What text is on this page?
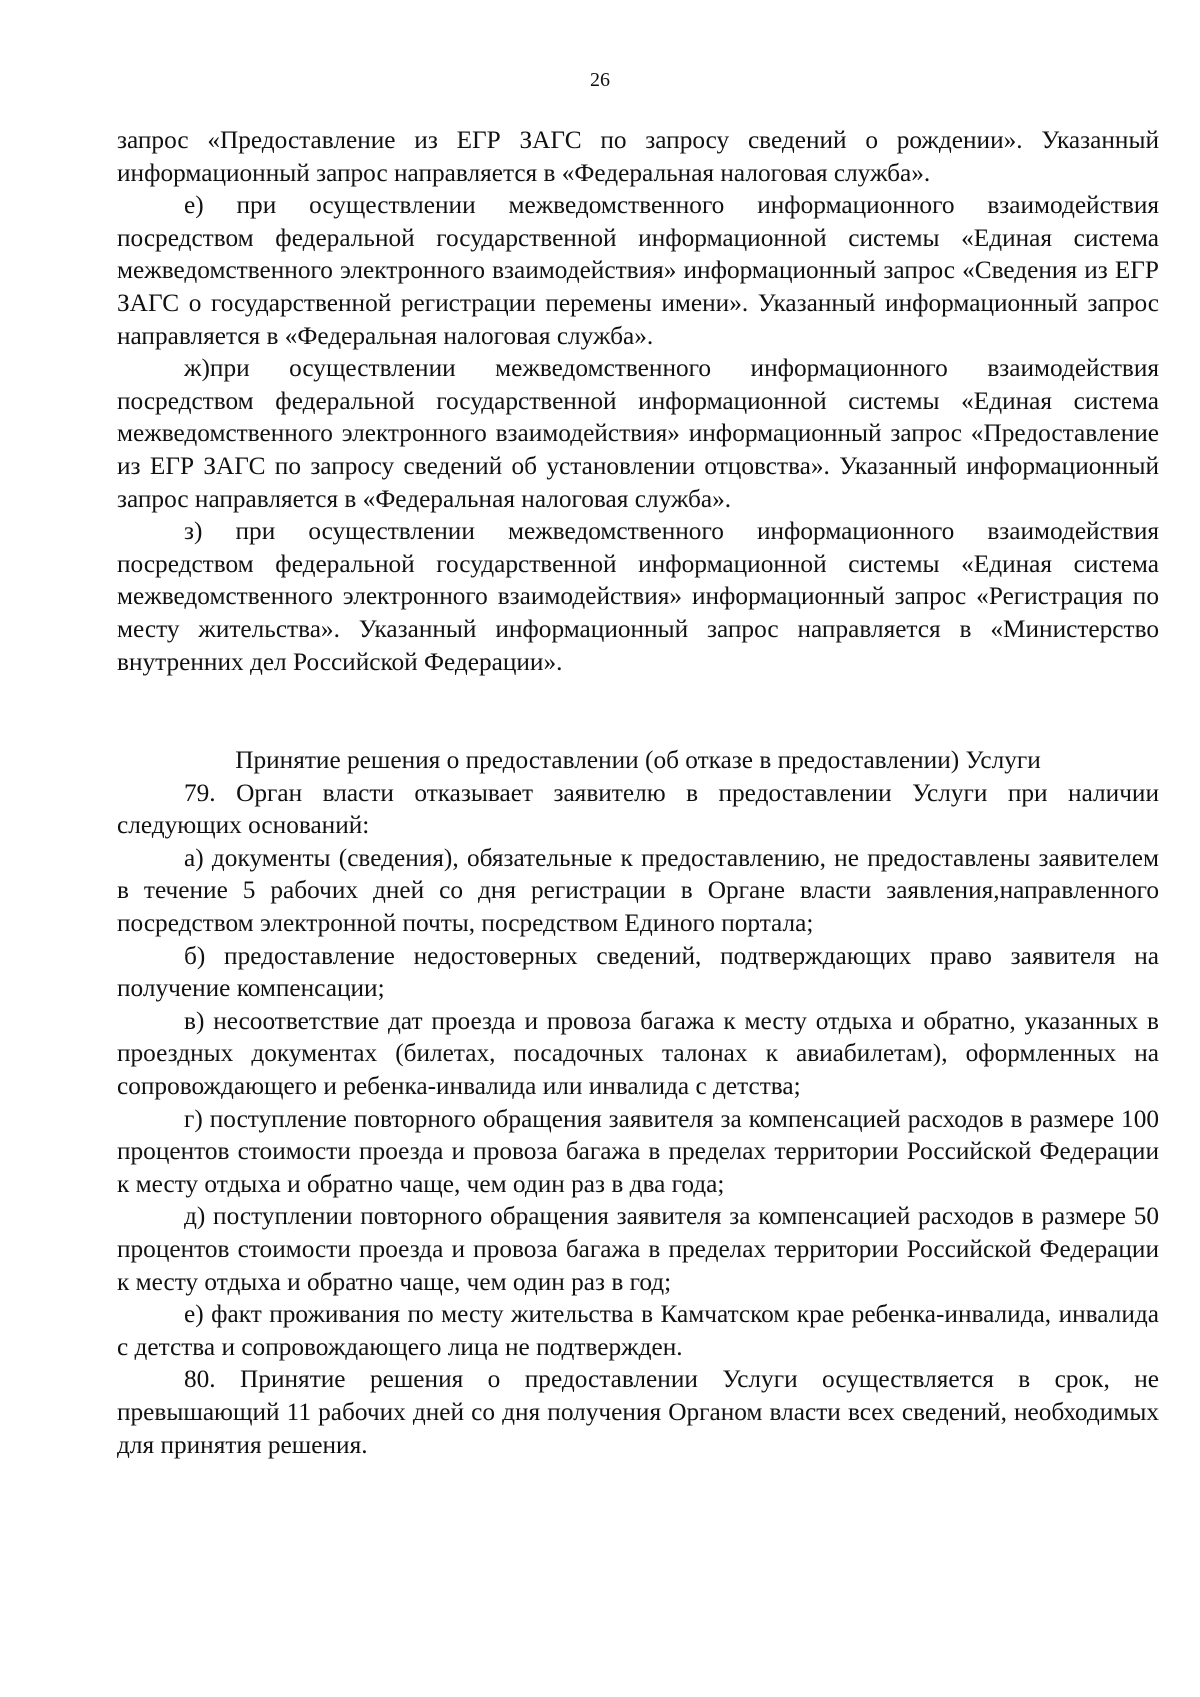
26

запрос «Предоставление из ЕГР ЗАГС по запросу сведений о рождении». Указанный информационный запрос направляется в «Федеральная налоговая служба».

е) при осуществлении межведомственного информационного взаимодействия посредством федеральной государственной информационной системы «Единая система межведомственного электронного взаимодействия» информационный запрос «Сведения из ЕГР ЗАГС о государственной регистрации перемены имени». Указанный информационный запрос направляется в «Федеральная налоговая служба».

ж)при осуществлении межведомственного информационного взаимодействия посредством федеральной государственной информационной системы «Единая система межведомственного электронного взаимодействия» информационный запрос «Предоставление из ЕГР ЗАГС по запросу сведений об установлении отцовства». Указанный информационный запрос направляется в «Федеральная налоговая служба».

з) при осуществлении межведомственного информационного взаимодействия посредством федеральной государственной информационной системы «Единая система межведомственного электронного взаимодействия» информационный запрос «Регистрация по месту жительства». Указанный информационный запрос направляется в «Министерство внутренних дел Российской Федерации».

Принятие решения о предоставлении (об отказе в предоставлении) Услуги

79. Орган власти отказывает заявителю в предоставлении Услуги при наличии следующих оснований:

а) документы (сведения), обязательные к предоставлению, не предоставлены заявителем в течение 5 рабочих дней со дня регистрации в Органе власти заявления,направленного посредством электронной почты, посредством Единого портала;

б) предоставление недостоверных сведений, подтверждающих право заявителя на получение компенсации;

в) несоответствие дат проезда и провоза багажа к месту отдыха и обратно, указанных в проездных документах (билетах, посадочных талонах к авиабилетам), оформленных на сопровождающего и ребенка-инвалида или инвалида с детства;

г) поступление повторного обращения заявителя за компенсацией расходов в размере 100 процентов стоимости проезда и провоза багажа в пределах территории Российской Федерации к месту отдыха и обратно чаще, чем один раз в два года;

д) поступлении повторного обращения заявителя за компенсацией расходов в размере 50 процентов стоимости проезда и провоза багажа в пределах территории Российской Федерации к месту отдыха и обратно чаще, чем один раз в год;

е) факт проживания по месту жительства в Камчатском крае ребенка-инвалида, инвалида с детства и сопровождающего лица не подтвержден.

80. Принятие решения о предоставлении Услуги осуществляется в срок, не превышающий 11 рабочих дней со дня получения Органом власти всех сведений, необходимых для принятия решения.
